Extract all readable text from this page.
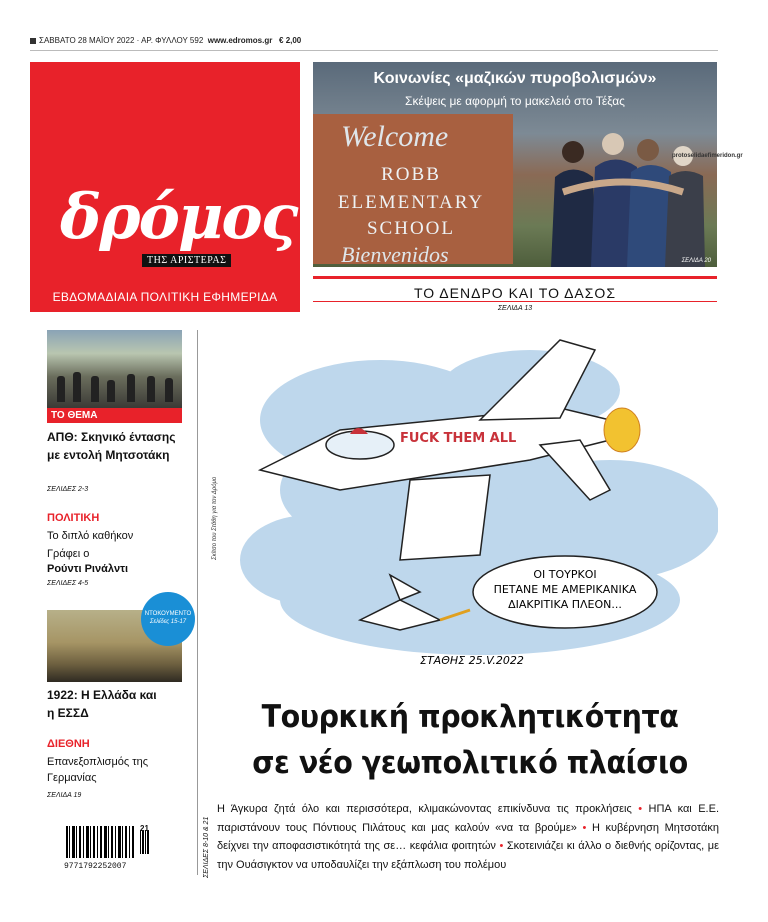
ΣΑΒΒΑΤΟ 28 ΜΑΪΟΥ 2022 · ΑΡ. ΦΥΛΛΟΥ 592 www.edromos.gr € 2,00
δρόμος
ΤΗΣ ΑΡΙΣΤΕΡΑΣ
ΕΒΔΟΜΑΔΙΑΙΑ ΠΟΛΙΤΙΚΗ ΕΦΗΜΕΡΙΔΑ
Welcome
ROBB
ELEMENTARY
SCHOOL
Bienvenidos
Κοινωνίες «μαζικών πυροβολισμών»
Σκέψεις με αφορμή το μακελειό στο Τέξας
ΣΕΛΙΔΑ 20
protoselidaefimeridon.gr
ΤΟ ΔΕΝΔΡΟ ΚΑΙ ΤΟ ΔΑΣΟΣ
ΣΕΛΙΔΑ 13
ΤΟ ΘΕΜΑ
ΑΠΘ: Σκηνικό έντασης με εντολή Μητσοτάκη
ΣΕΛΙΔΕΣ 2-3
ΠΟΛΙΤΙΚΗ
Το διπλό καθήκον
Γράφει ο
Ρούντι Ρινάλντι
ΣΕΛΙΔΕΣ 4-5
ΝΤΟΚΟΥΜΕΝΤΟ
Σελίδες 15-17
1922: Η Ελλάδα και η ΕΣΣΔ
ΔΙΕΘΝΗ
Επανεξοπλισμός της Γερμανίας
ΣΕΛΙΔΑ 19
21
9771792252007
FUCK THEM ALL
ΟΙ ΤΟΥΡΚΟΙ
ΠΕΤΑΝΕ ΜΕ ΑΜΕΡΙΚΑΝΙΚΑ
ΔΙΑΚΡΙΤΙΚΑ ΠΛΕΟΝ...
ΣΤΑΘΗΣ 25.V.2022
Σκίτσο του Στάθη για τον Δρόμο
Τουρκική προκλητικότητα
σε νέο γεωπολιτικό πλαίσιο
ΣΕΛΙΔΕΣ 8-10 & 21
Η Άγκυρα ζητά όλο και περισσότερα, κλιμακώνοντας επικίνδυνα τις προκλήσεις • ΗΠΑ και Ε.Ε. παριστάνουν τους Πόντιους Πιλάτους και μας καλούν «να τα βρούμε» • Η κυβέρνηση Μητσοτάκη δείχνει την αποφασιστικότητά της σε… κεφάλια φοιτητών • Σκοτεινιάζει κι άλλο ο διεθνής ορίζοντας, με την Ουάσιγκτον να υποδαυλίζει την εξάπλωση του πολέμου
